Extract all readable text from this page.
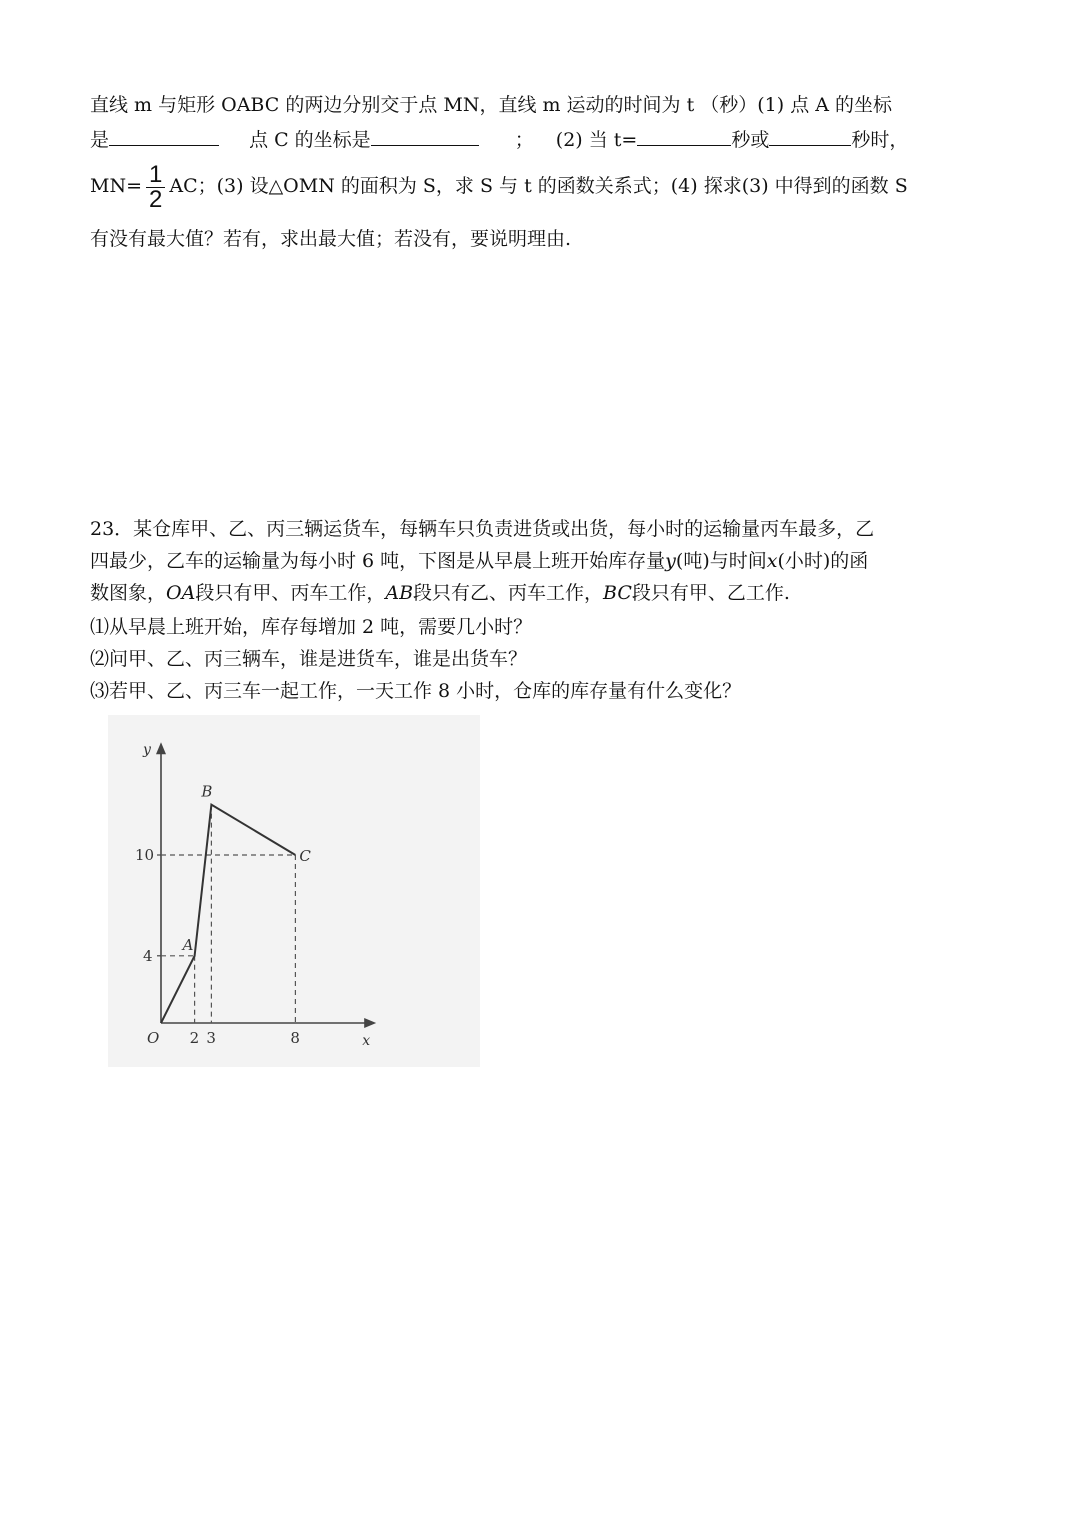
直线 m 与矩形 OABC 的两边分别交于点 MN，直线 m 运动的时间为 t （秒）(1) 点 A 的坐标
是	点 C 的坐标是	； (2) 当 t=	秒或	秒时，
$MN= \frac{1}{2}$ AC；(3) 设△OMN 的面积为 S，求 S 与 t 的函数关系式；(4) 探求(3) 中得到的函数 S
有没有最大值？若有，求出最大值；若没有，要说明理由.
23．某仓库甲、乙、丙三辆运货车，每辆车只负责进货或出货，每小时的运输量丙车最多，乙
四最少，乙车的运输量为每小时 6 吨，下图是从早晨上班开始库存量y(吨)与时间x(小时)的函
数图象，OA段只有甲、丙车工作，AB段只有乙、丙车工作，BC段只有甲、乙工作.
⑴从早晨上班开始，库存每增加 2 吨，需要几小时？
⑵问甲、乙、丙三辆车，谁是进货车，谁是出货车？
⑶若甲、乙、丙三车一起工作，一天工作 8 小时，仓库的库存量有什么变化？
x
y
O 2 3	8
4
10
A
B
C
